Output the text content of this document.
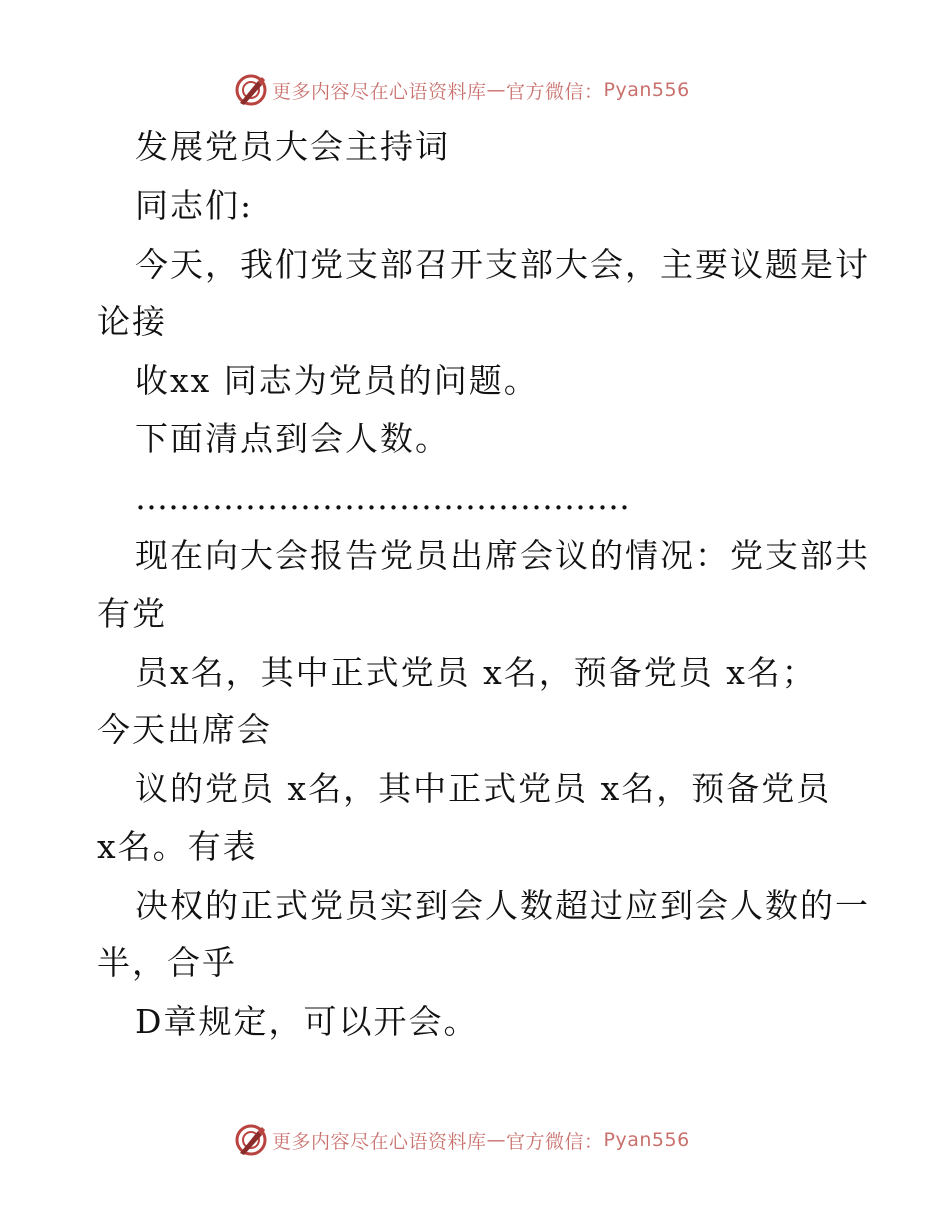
更多内容尽在心语资料库 — 官方微信： Pyan556
发展党员大会主持词
同志们:
今天，我们党支部召开支部大会，主要议题是讨
论接
收xx 同志为党员的问题。
下面清点到会人数。
………………………………………
现在向大会报告党员出席会议的情况：党支部共
有党
员x名，其中正式党员 x名，预备党员 x名；
今天出席会
议的党员 x名，其中正式党员 x名，预备党员
x名。有表
决权的正式党员实到会人数超过应到会人数的一
半，合乎
D章规定，可以开会。
更多内容尽在心语资料库 — 官方微信： Pyan556
